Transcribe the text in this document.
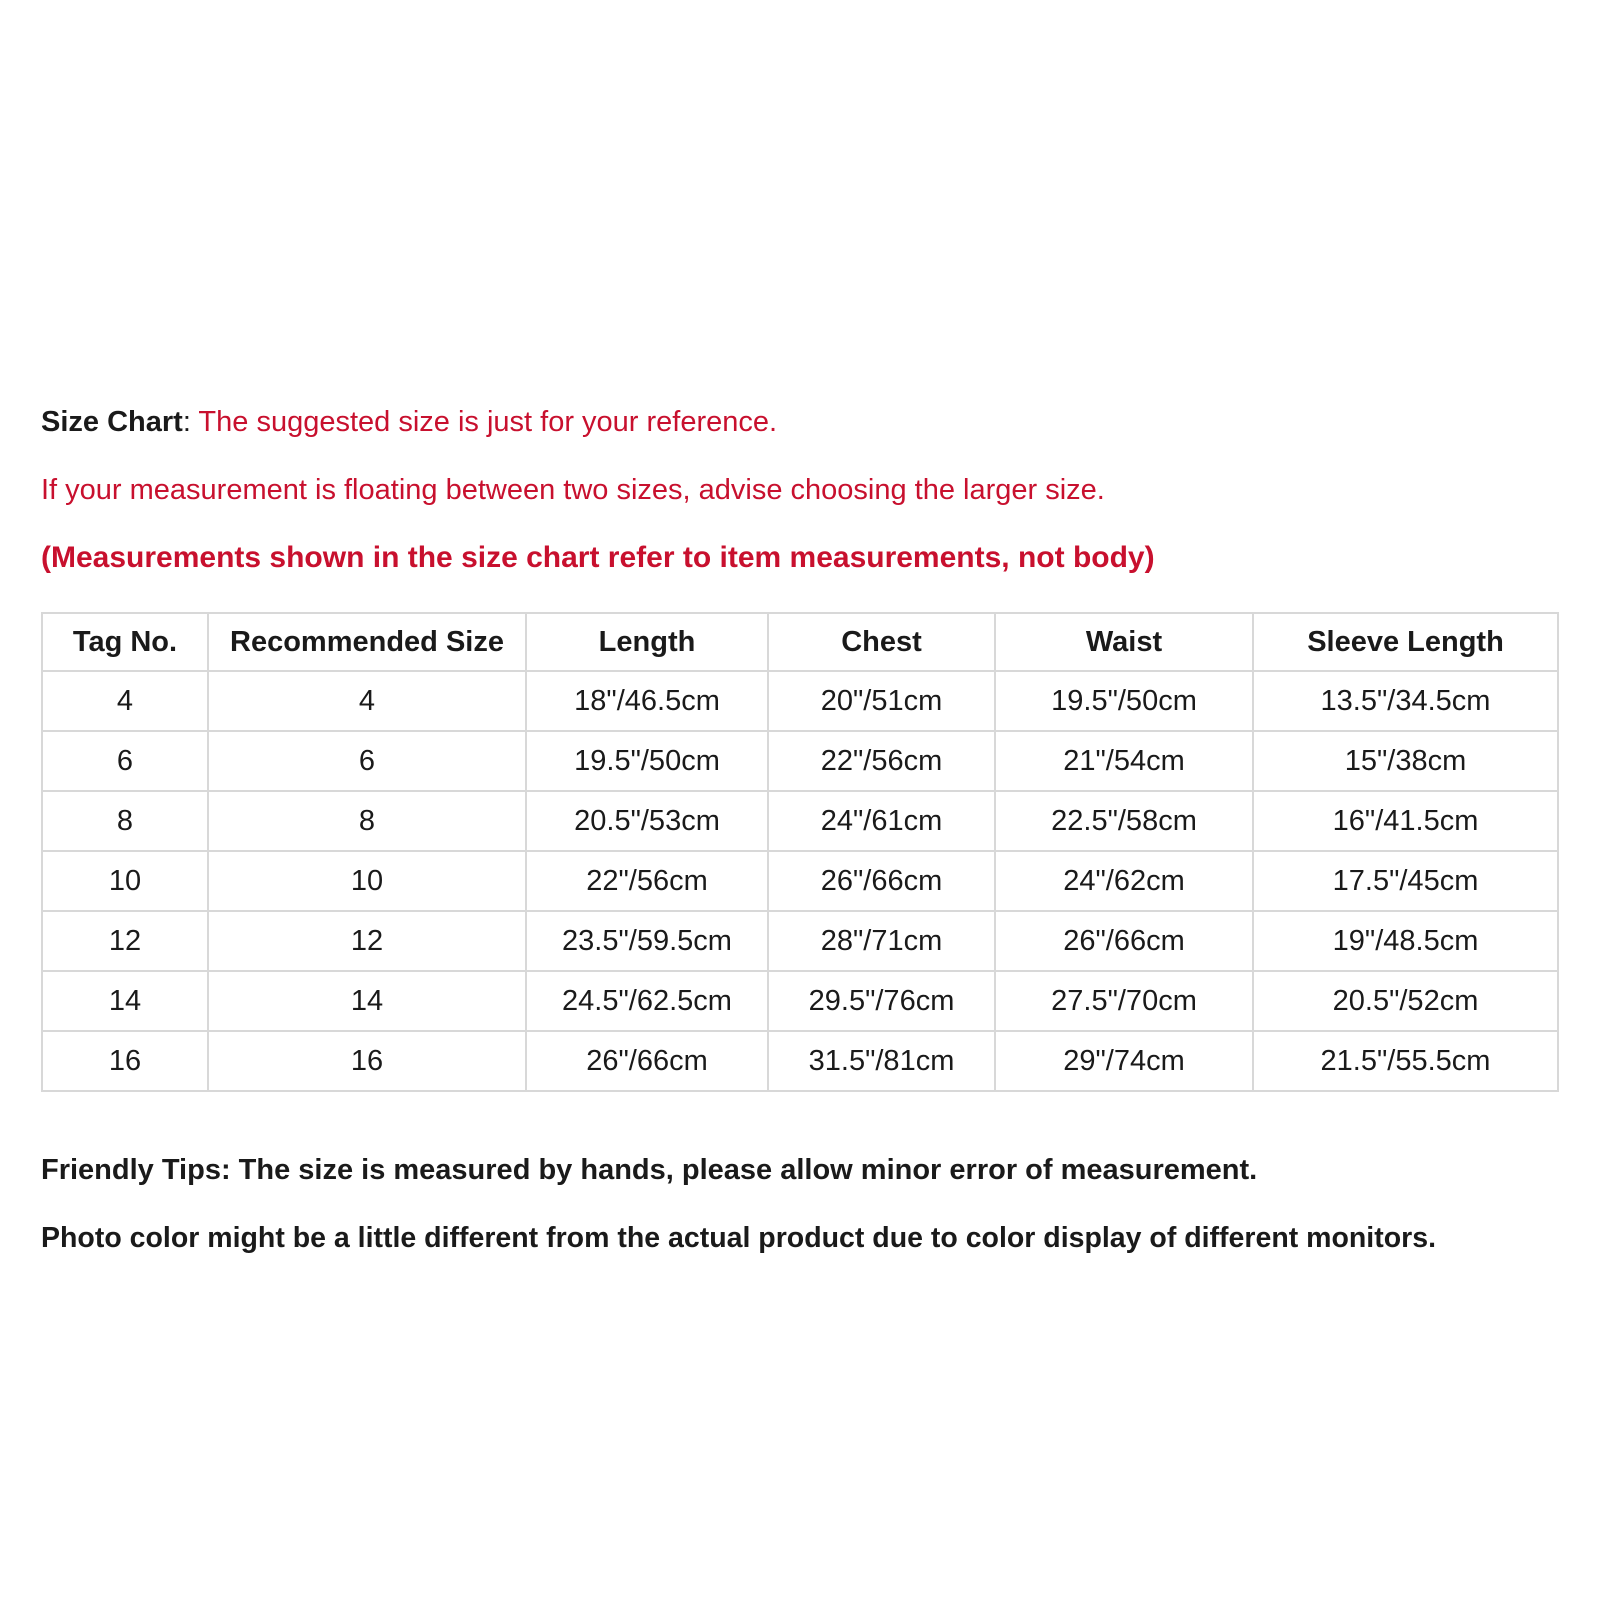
Size Chart: The suggested size is just for your reference.
If your measurement is floating between two sizes, advise choosing the larger size.
(Measurements shown in the size chart refer to item measurements, not body)
Tag No.	Recommended Size	Length	Chest	Waist	Sleeve Length
4	4	18"/46.5cm	20"/51cm	19.5"/50cm	13.5"/34.5cm
6	6	19.5"/50cm	22"/56cm	21"/54cm	15"/38cm
8	8	20.5"/53cm	24"/61cm	22.5"/58cm	16"/41.5cm
10	10	22"/56cm	26"/66cm	24"/62cm	17.5"/45cm
12	12	23.5"/59.5cm	28"/71cm	26"/66cm	19"/48.5cm
14	14	24.5"/62.5cm	29.5"/76cm	27.5"/70cm	20.5"/52cm
16	16	26"/66cm	31.5"/81cm	29"/74cm	21.5"/55.5cm
Friendly Tips: The size is measured by hands, please allow minor error of measurement.
Photo color might be a little different from the actual product due to color display of different monitors.
